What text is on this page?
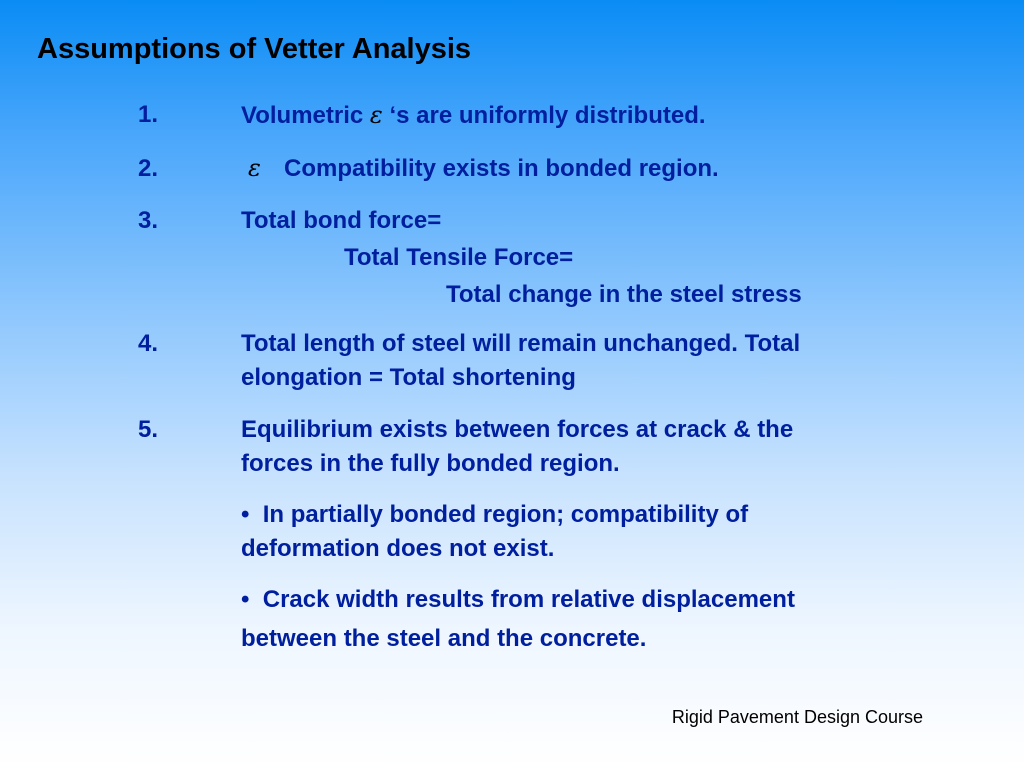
Assumptions of Vetter Analysis
1.	Volumetric ε ‘s are uniformly distributed.
2.	ε Compatibility exists in bonded region.
3.	Total bond force=
Total Tensile Force=
Total change in the steel stress
4.	Total length of steel will remain unchanged. Total
elongation = Total shortening
5.	Equilibrium exists between forces at crack & the
forces in the fully bonded region.
• In partially bonded region; compatibility of
deformation does not exist.
• Crack width results from relative displacement
between the steel and the concrete.
Rigid Pavement Design Course
